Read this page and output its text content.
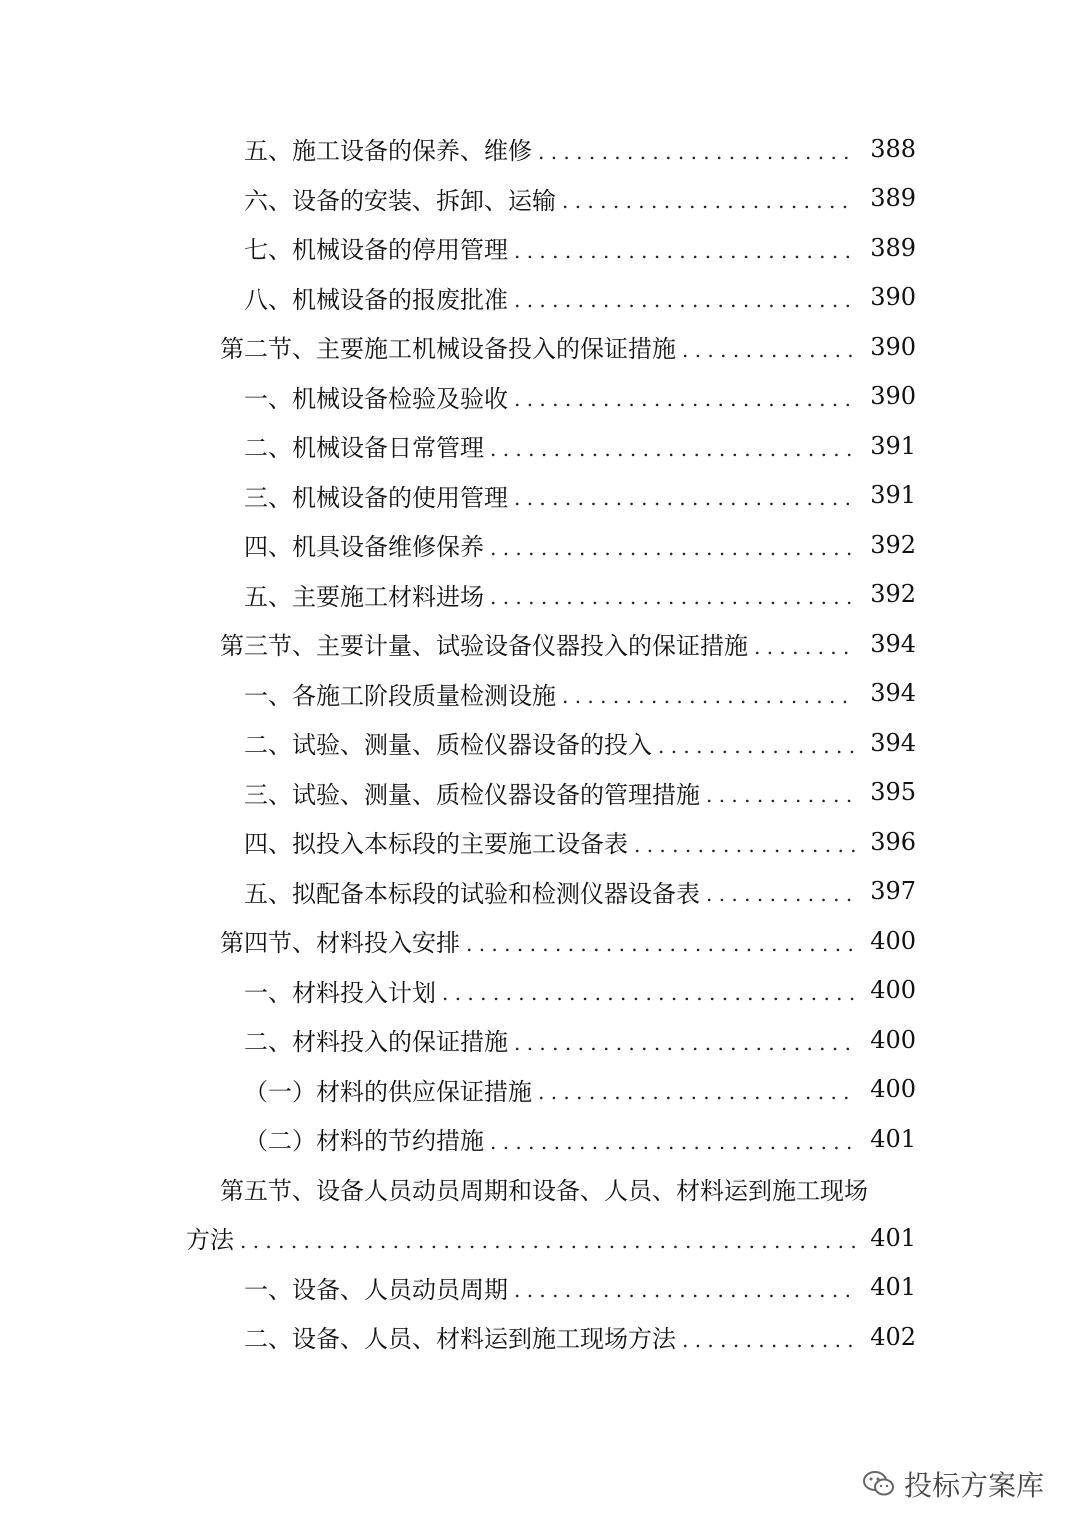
五、施工设备的保养、维修 . . .	388
六、设备的安装、拆卸、运输 . . .	389
七、机械设备的停用管理 . . .	389
八、机械设备的报废批准 . . .	390
第二节、主要施工机械设备投入的保证措施 . . .	390
一、机械设备检验及验收 . . .	390
二、机械设备日常管理 . . .	391
三、机械设备的使用管理 . . .	391
四、机具设备维修保养 . . .	392
五、主要施工材料进场 . . .	392
第三节、主要计量、试验设备仪器投入的保证措施 . . .	394
一、各施工阶段质量检测设施 . . .	394
二、试验、测量、质检仪器设备的投入 . . .	394
三、试验、测量、质检仪器设备的管理措施 . . .	395
四、拟投入本标段的主要施工设备表 . . .	396
五、拟配备本标段的试验和检测仪器设备表 . . .	397
第四节、材料投入安排 . . .	400
一、材料投入计划 . . .	400
二、材料投入的保证措施 . . .	400
（一）材料的供应保证措施 . . .	400
（二）材料的节约措施 . . .	401
第五节、设备人员动员周期和设备、人员、材料运到施工现场
方法 . . .	401
一、设备、人员动员周期 . . .	401
二、设备、人员、材料运到施工现场方法 . . .	402
投标方案库
